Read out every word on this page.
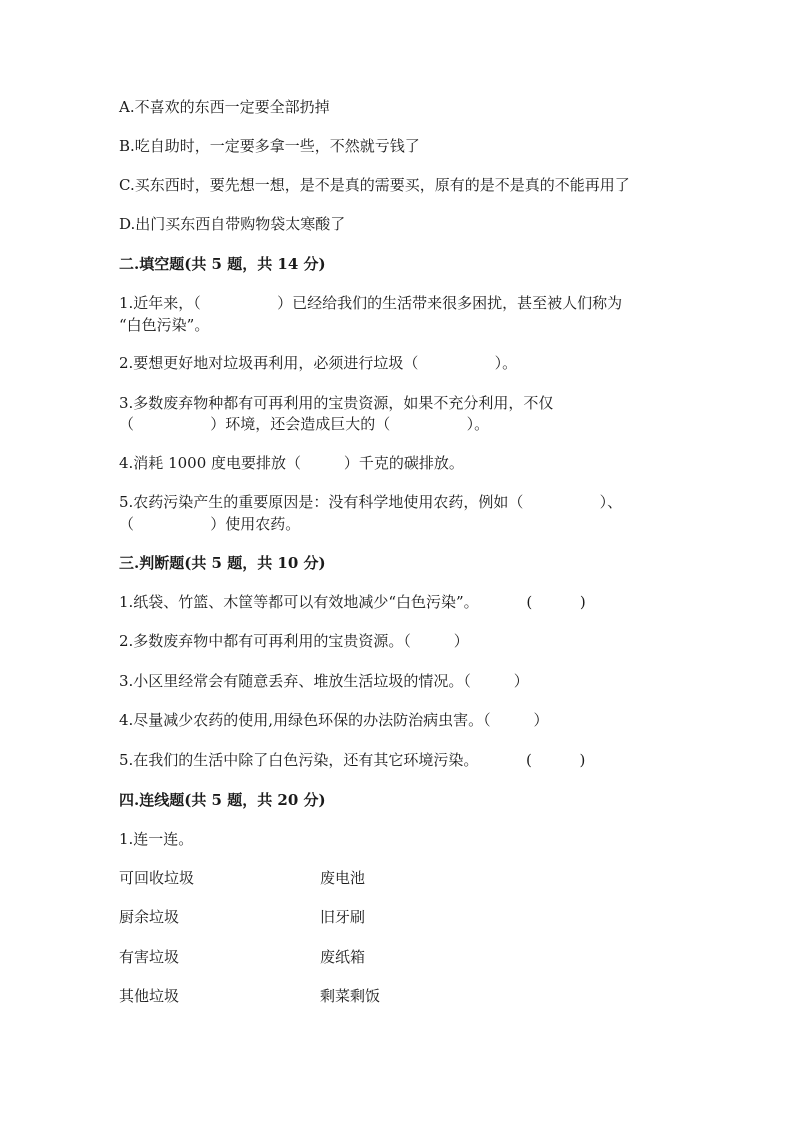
A.不喜欢的东西一定要全部扔掉
B.吃自助时，一定要多拿一些，不然就亏钱了
C.买东西时，要先想一想，是不是真的需要买，原有的是不是真的不能再用了
D.出门买东西自带购物袋太寒酸了
二.填空题(共 5 题，共 14 分)
1.近年来，（                ）已经给我们的生活带来很多困扰，甚至被人们称为
“白色污染”。
2.要想更好地对垃圾再利用，必须进行垃圾（                ）。
3.多数废弃物种都有可再利用的宝贵资源，如果不充分利用，不仅
（                ）环境，还会造成巨大的（                ）。
4.消耗 1000 度电要排放（         ）千克的碳排放。
5.农药污染产生的重要原因是：没有科学地使用农药，例如（                ）、
（                ）使用农药。
三.判断题(共 5 题，共 10 分)
1.纸袋、竹篮、木筐等都可以有效地减少“白色污染”。          (          )
2.多数废弃物中都有可再利用的宝贵资源。（         ）
3.小区里经常会有随意丢弃、堆放生活垃圾的情况。（         ）
4.尽量减少农药的使用,用绿色环保的办法防治病虫害。（         ）
5.在我们的生活中除了白色污染，还有其它环境污染。          (          )
四.连线题(共 5 题，共 20 分)
1.连一连。
可回收垃圾	废电池
厨余垃圾	旧牙刷
有害垃圾	废纸箱
其他垃圾	剩菜剩饭
